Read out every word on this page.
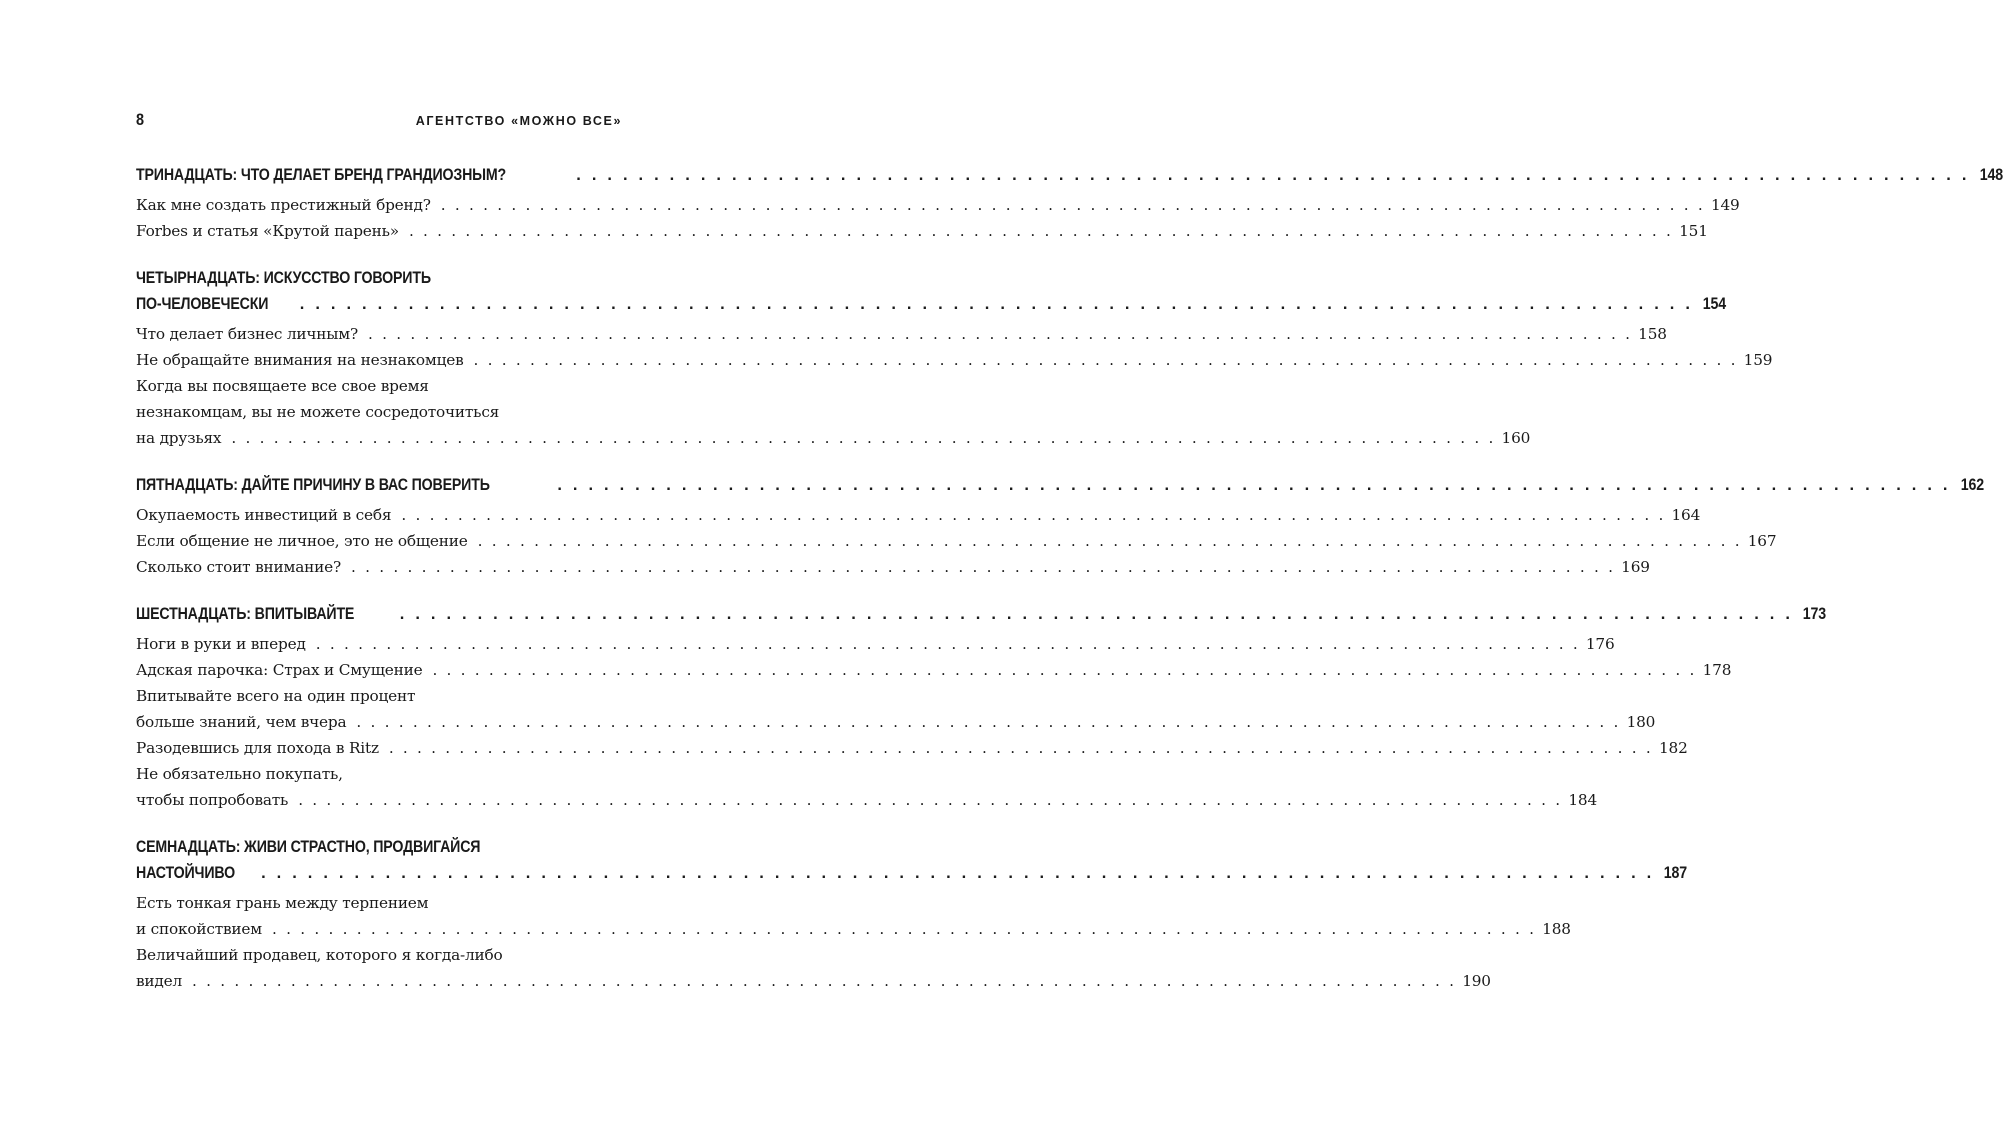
8	АГЕНТСТВО «МОЖНО ВСЕ»
ТРИНАДЦАТЬ: ЧТО ДЕЛАЕТ БРЕНД ГРАНДИОЗНЫМ?	. . . . . . . . . . . . . . . . . . . . . . . . . . . . . . . . . . . . . . . . . . . . . . . . . . . . . . . . . . . . . . . . . . . . . . . . . . . . . . . . . . . . . . . . . . 148
Как мне создать престижный бренд? . . . . . . . . . . . . . . . . . . . . . . . . . . . . . . . . . . . . . . . . . . . . . . . . . . . . . . . . . . . . . . . . . . . . . . . . . . . . . . . . . . . . . . . . . . 149
Forbes и статья «Крутой парень» . . . . . . . . . . . . . . . . . . . . . . . . . . . . . . . . . . . . . . . . . . . . . . . . . . . . . . . . . . . . . . . . . . . . . . . . . . . . . . . . . . . . . . . . . . 151
ЧЕТЫРНАДЦАТЬ: ИСКУССТВО ГОВОРИТЬ
ПО-ЧЕЛОВЕЧЕСКИ	. . . . . . . . . . . . . . . . . . . . . . . . . . . . . . . . . . . . . . . . . . . . . . . . . . . . . . . . . . . . . . . . . . . . . . . . . . . . . . . . . . . . . . . . . . 154
Что делает бизнес личным? . . . . . . . . . . . . . . . . . . . . . . . . . . . . . . . . . . . . . . . . . . . . . . . . . . . . . . . . . . . . . . . . . . . . . . . . . . . . . . . . . . . . . . . . . . 158
Не обращайте внимания на незнакомцев . . . . . . . . . . . . . . . . . . . . . . . . . . . . . . . . . . . . . . . . . . . . . . . . . . . . . . . . . . . . . . . . . . . . . . . . . . . . . . . . . . . . . . . . . . 159
Когда вы посвящаете все свое время
незнакомцам, вы не можете сосредоточиться
на друзьях . . . . . . . . . . . . . . . . . . . . . . . . . . . . . . . . . . . . . . . . . . . . . . . . . . . . . . . . . . . . . . . . . . . . . . . . . . . . . . . . . . . . . . . . . . 160
ПЯТНАДЦАТЬ: ДАЙТЕ ПРИЧИНУ В ВАС ПОВЕРИТЬ	. . . . . . . . . . . . . . . . . . . . . . . . . . . . . . . . . . . . . . . . . . . . . . . . . . . . . . . . . . . . . . . . . . . . . . . . . . . . . . . . . . . . . . . . . . 162
Окупаемость инвестиций в себя . . . . . . . . . . . . . . . . . . . . . . . . . . . . . . . . . . . . . . . . . . . . . . . . . . . . . . . . . . . . . . . . . . . . . . . . . . . . . . . . . . . . . . . . . . 164
Если общение не личное, это не общение . . . . . . . . . . . . . . . . . . . . . . . . . . . . . . . . . . . . . . . . . . . . . . . . . . . . . . . . . . . . . . . . . . . . . . . . . . . . . . . . . . . . . . . . . . 167
Сколько стоит внимание? . . . . . . . . . . . . . . . . . . . . . . . . . . . . . . . . . . . . . . . . . . . . . . . . . . . . . . . . . . . . . . . . . . . . . . . . . . . . . . . . . . . . . . . . . . 169
ШЕСТНАДЦАТЬ: ВПИТЫВАЙТЕ	. . . . . . . . . . . . . . . . . . . . . . . . . . . . . . . . . . . . . . . . . . . . . . . . . . . . . . . . . . . . . . . . . . . . . . . . . . . . . . . . . . . . . . . . . . 173
Ноги в руки и вперед . . . . . . . . . . . . . . . . . . . . . . . . . . . . . . . . . . . . . . . . . . . . . . . . . . . . . . . . . . . . . . . . . . . . . . . . . . . . . . . . . . . . . . . . . . 176
Адская парочка: Страх и Смущение . . . . . . . . . . . . . . . . . . . . . . . . . . . . . . . . . . . . . . . . . . . . . . . . . . . . . . . . . . . . . . . . . . . . . . . . . . . . . . . . . . . . . . . . . . 178
Впитывайте всего на один процент
больше знаний, чем вчера . . . . . . . . . . . . . . . . . . . . . . . . . . . . . . . . . . . . . . . . . . . . . . . . . . . . . . . . . . . . . . . . . . . . . . . . . . . . . . . . . . . . . . . . . . 180
Разодевшись для похода в Ritz . . . . . . . . . . . . . . . . . . . . . . . . . . . . . . . . . . . . . . . . . . . . . . . . . . . . . . . . . . . . . . . . . . . . . . . . . . . . . . . . . . . . . . . . . . 182
Не обязательно покупать,
чтобы попробовать . . . . . . . . . . . . . . . . . . . . . . . . . . . . . . . . . . . . . . . . . . . . . . . . . . . . . . . . . . . . . . . . . . . . . . . . . . . . . . . . . . . . . . . . . . 184
СЕМНАДЦАТЬ: ЖИВИ СТРАСТНО, ПРОДВИГАЙСЯ
НАСТОЙЧИВО	. . . . . . . . . . . . . . . . . . . . . . . . . . . . . . . . . . . . . . . . . . . . . . . . . . . . . . . . . . . . . . . . . . . . . . . . . . . . . . . . . . . . . . . . . . 187
Есть тонкая грань между терпением
и спокойствием . . . . . . . . . . . . . . . . . . . . . . . . . . . . . . . . . . . . . . . . . . . . . . . . . . . . . . . . . . . . . . . . . . . . . . . . . . . . . . . . . . . . . . . . . . 188
Величайший продавец, которого я когда-либо
видел . . . . . . . . . . . . . . . . . . . . . . . . . . . . . . . . . . . . . . . . . . . . . . . . . . . . . . . . . . . . . . . . . . . . . . . . . . . . . . . . . . . . . . . . . . 190
